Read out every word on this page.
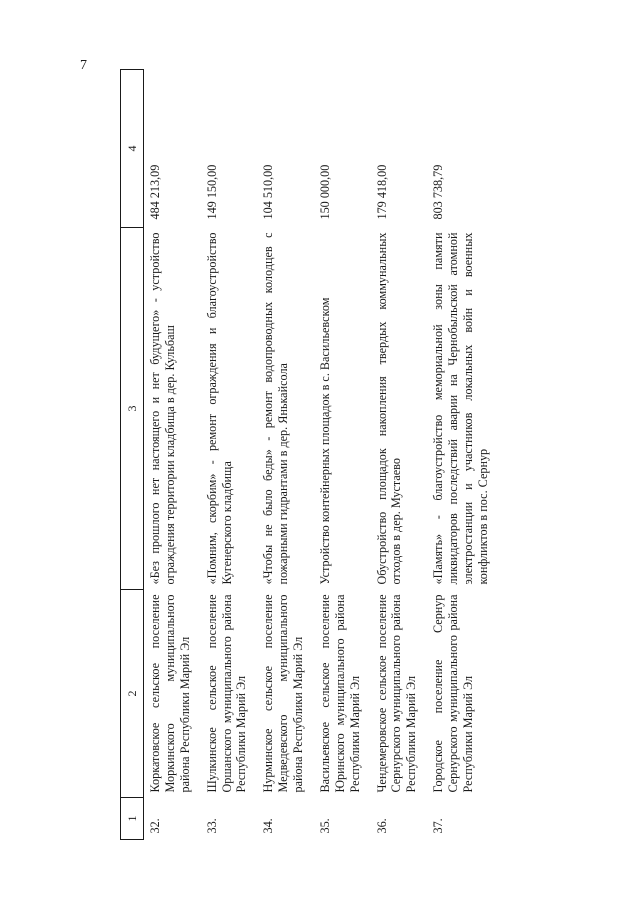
7
1	2	3	4
32.	Коркатовское сельское поселение Моркинского муниципального района Республики Марий Эл	«Без прошлого нет настоящего и нет будущего» - устройство ограждения территории кладбища в дер. Кульбаш	484 213,09
33.	Шулкинское сельское поселение Оршанского муниципального района Республики Марий Эл	«Помним, скорбим» - ремонт ограждения и благоустройство Кугенерского кладбища	149 150,00
34.	Нурминское сельское поселение Медведевского муниципального района Республики Марий Эл	«Чтобы не было беды» - ремонт водопроводных колодцев с пожарными гидрантами в дер. Янькайсола	104 510,00
35.	Васильевское сельское поселение Юринского муниципального района Республики Марий Эл	Устройство контейнерных площадок в с. Васильевском	150 000,00
36.	Чендемеровское сельское поселение Сернурского муниципального района Республики Марий Эл	Обустройство площадок накопления твердых коммунальных отходов в дер. Мустаево	179 418,00
37.	Городское поселение Сернур Сернурского муниципального района Республики Марий Эл	«Память» - благоустройство мемориальной зоны памяти ликвидаторов последствий аварии на Чернобыльской атомной электростанции и участников локальных войн и военных конфликтов в пос. Сернур	803 738,79
